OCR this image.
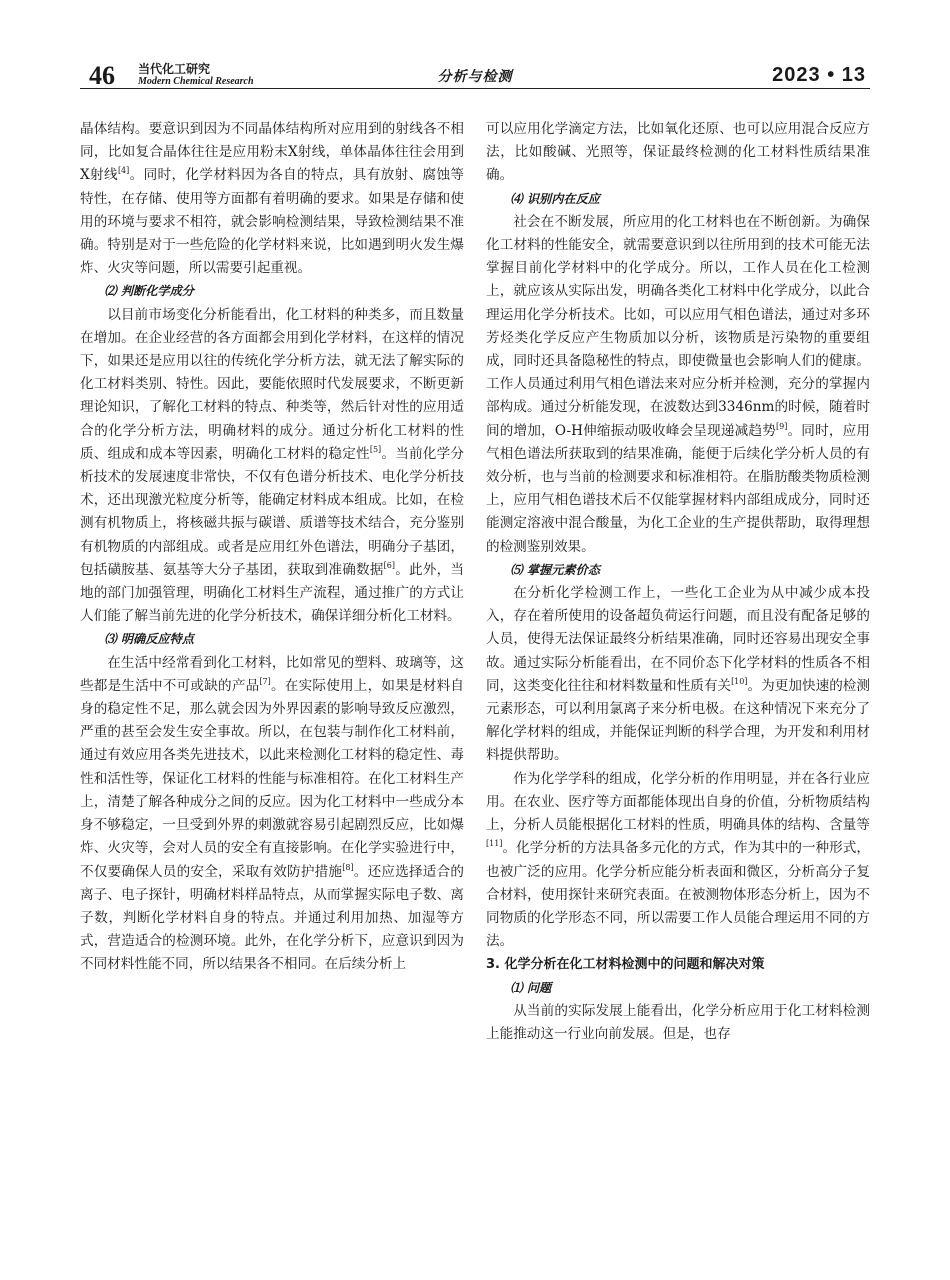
46 当代化工研究
Modern Chemical Research	分析与检测	2023 • 13

晶体结构。要意识到因为不同晶体结构所对应用到的射线各不相同，比如复合晶体往往是应用粉末X射线，单体晶体往往会用到X射线[4]。同时，化学材料因为各自的特点，具有放射、腐蚀等特性，在存储、使用等方面都有着明确的要求。如果是存储和使用的环境与要求不相符，就会影响检测结果，导致检测结果不准确。特别是对于一些危险的化学材料来说，比如遇到明火发生爆炸、火灾等问题，所以需要引起重视。

⑵ 判断化学成分

以目前市场变化分析能看出，化工材料的种类多，而且数量在增加。在企业经营的各方面都会用到化学材料，在这样的情况下，如果还是应用以往的传统化学分析方法，就无法了解实际的化工材料类别、特性。因此，要能依照时代发展要求，不断更新理论知识，了解化工材料的特点、种类等，然后针对性的应用适合的化学分析方法，明确材料的成分。通过分析化工材料的性质、组成和成本等因素，明确化工材料的稳定性[5]。当前化学分析技术的发展速度非常快，不仅有色谱分析技术、电化学分析技术，还出现激光粒度分析等，能确定材料成本组成。比如，在检测有机物质上，将核磁共振与碳谱、质谱等技术结合，充分鉴别有机物质的内部组成。或者是应用红外色谱法，明确分子基团，包括磺胺基、氨基等大分子基团，获取到准确数据[6]。此外，当地的部门加强管理，明确化工材料生产流程，通过推广的方式让人们能了解当前先进的化学分析技术，确保详细分析化工材料。

⑶ 明确反应特点

在生活中经常看到化工材料，比如常见的塑料、玻璃等，这些都是生活中不可或缺的产品[7]。在实际使用上，如果是材料自身的稳定性不足，那么就会因为外界因素的影响导致反应激烈，严重的甚至会发生安全事故。所以，在包装与制作化工材料前，通过有效应用各类先进技术，以此来检测化工材料的稳定性、毒性和活性等，保证化工材料的性能与标准相符。在化工材料生产上，清楚了解各种成分之间的反应。因为化工材料中一些成分本身不够稳定，一旦受到外界的刺激就容易引起剧烈反应，比如爆炸、火灾等，会对人员的安全有直接影响。在化学实验进行中，不仅要确保人员的安全，采取有效防护措施[8]。还应选择适合的离子、电子探针，明确材料样品特点，从而掌握实际电子数、离子数，判断化学材料自身的特点。并通过利用加热、加湿等方式，营造适合的检测环境。此外，在化学分析下，应意识到因为不同材料性能不同，所以结果各不相同。在后续分析上

可以应用化学滴定方法，比如氧化还原、也可以应用混合反应方法，比如酸碱、光照等，保证最终检测的化工材料性质结果准确。

⑷ 识别内在反应

社会在不断发展，所应用的化工材料也在不断创新。为确保化工材料的性能安全，就需要意识到以往所用到的技术可能无法掌握目前化学材料中的化学成分。所以，工作人员在化工检测上，就应该从实际出发，明确各类化工材料中化学成分，以此合理运用化学分析技术。比如，可以应用气相色谱法，通过对多环芳烃类化学反应产生物质加以分析，该物质是污染物的重要组成，同时还具备隐秘性的特点，即使微量也会影响人们的健康。工作人员通过利用气相色谱法来对应分析并检测，充分的掌握内部构成。通过分析能发现，在波数达到3346nm的时候，随着时间的增加，O-H伸缩振动吸收峰会呈现递减趋势[9]。同时，应用气相色谱法所获取到的结果准确，能便于后续化学分析人员的有效分析，也与当前的检测要求和标准相符。在脂肪酸类物质检测上，应用气相色谱技术后不仅能掌握材料内部组成成分，同时还能测定溶液中混合酸量，为化工企业的生产提供帮助，取得理想的检测鉴别效果。

⑸ 掌握元素价态

在分析化学检测工作上，一些化工企业为从中减少成本投入，存在着所使用的设备超负荷运行问题，而且没有配备足够的人员，使得无法保证最终分析结果准确，同时还容易出现安全事故。通过实际分析能看出，在不同价态下化学材料的性质各不相同，这类变化往往和材料数量和性质有关[10]。为更加快速的检测元素形态，可以利用氯离子来分析电极。在这种情况下来充分了解化学材料的组成，并能保证判断的科学合理，为开发和利用材料提供帮助。

作为化学学科的组成，化学分析的作用明显，并在各行业应用。在农业、医疗等方面都能体现出自身的价值，分析物质结构上，分析人员能根据化工材料的性质，明确具体的结构、含量等[11]。化学分析的方法具备多元化的方式，作为其中的一种形式，也被广泛的应用。化学分析应能分析表面和微区，分析高分子复合材料，使用探针来研究表面。在被测物体形态分析上，因为不同物质的化学形态不同，所以需要工作人员能合理运用不同的方法。

3. 化学分析在化工材料检测中的问题和解决对策
⑴ 问题

从当前的实际发展上能看出，化学分析应用于化工材料检测上能推动这一行业向前发展。但是，也存
